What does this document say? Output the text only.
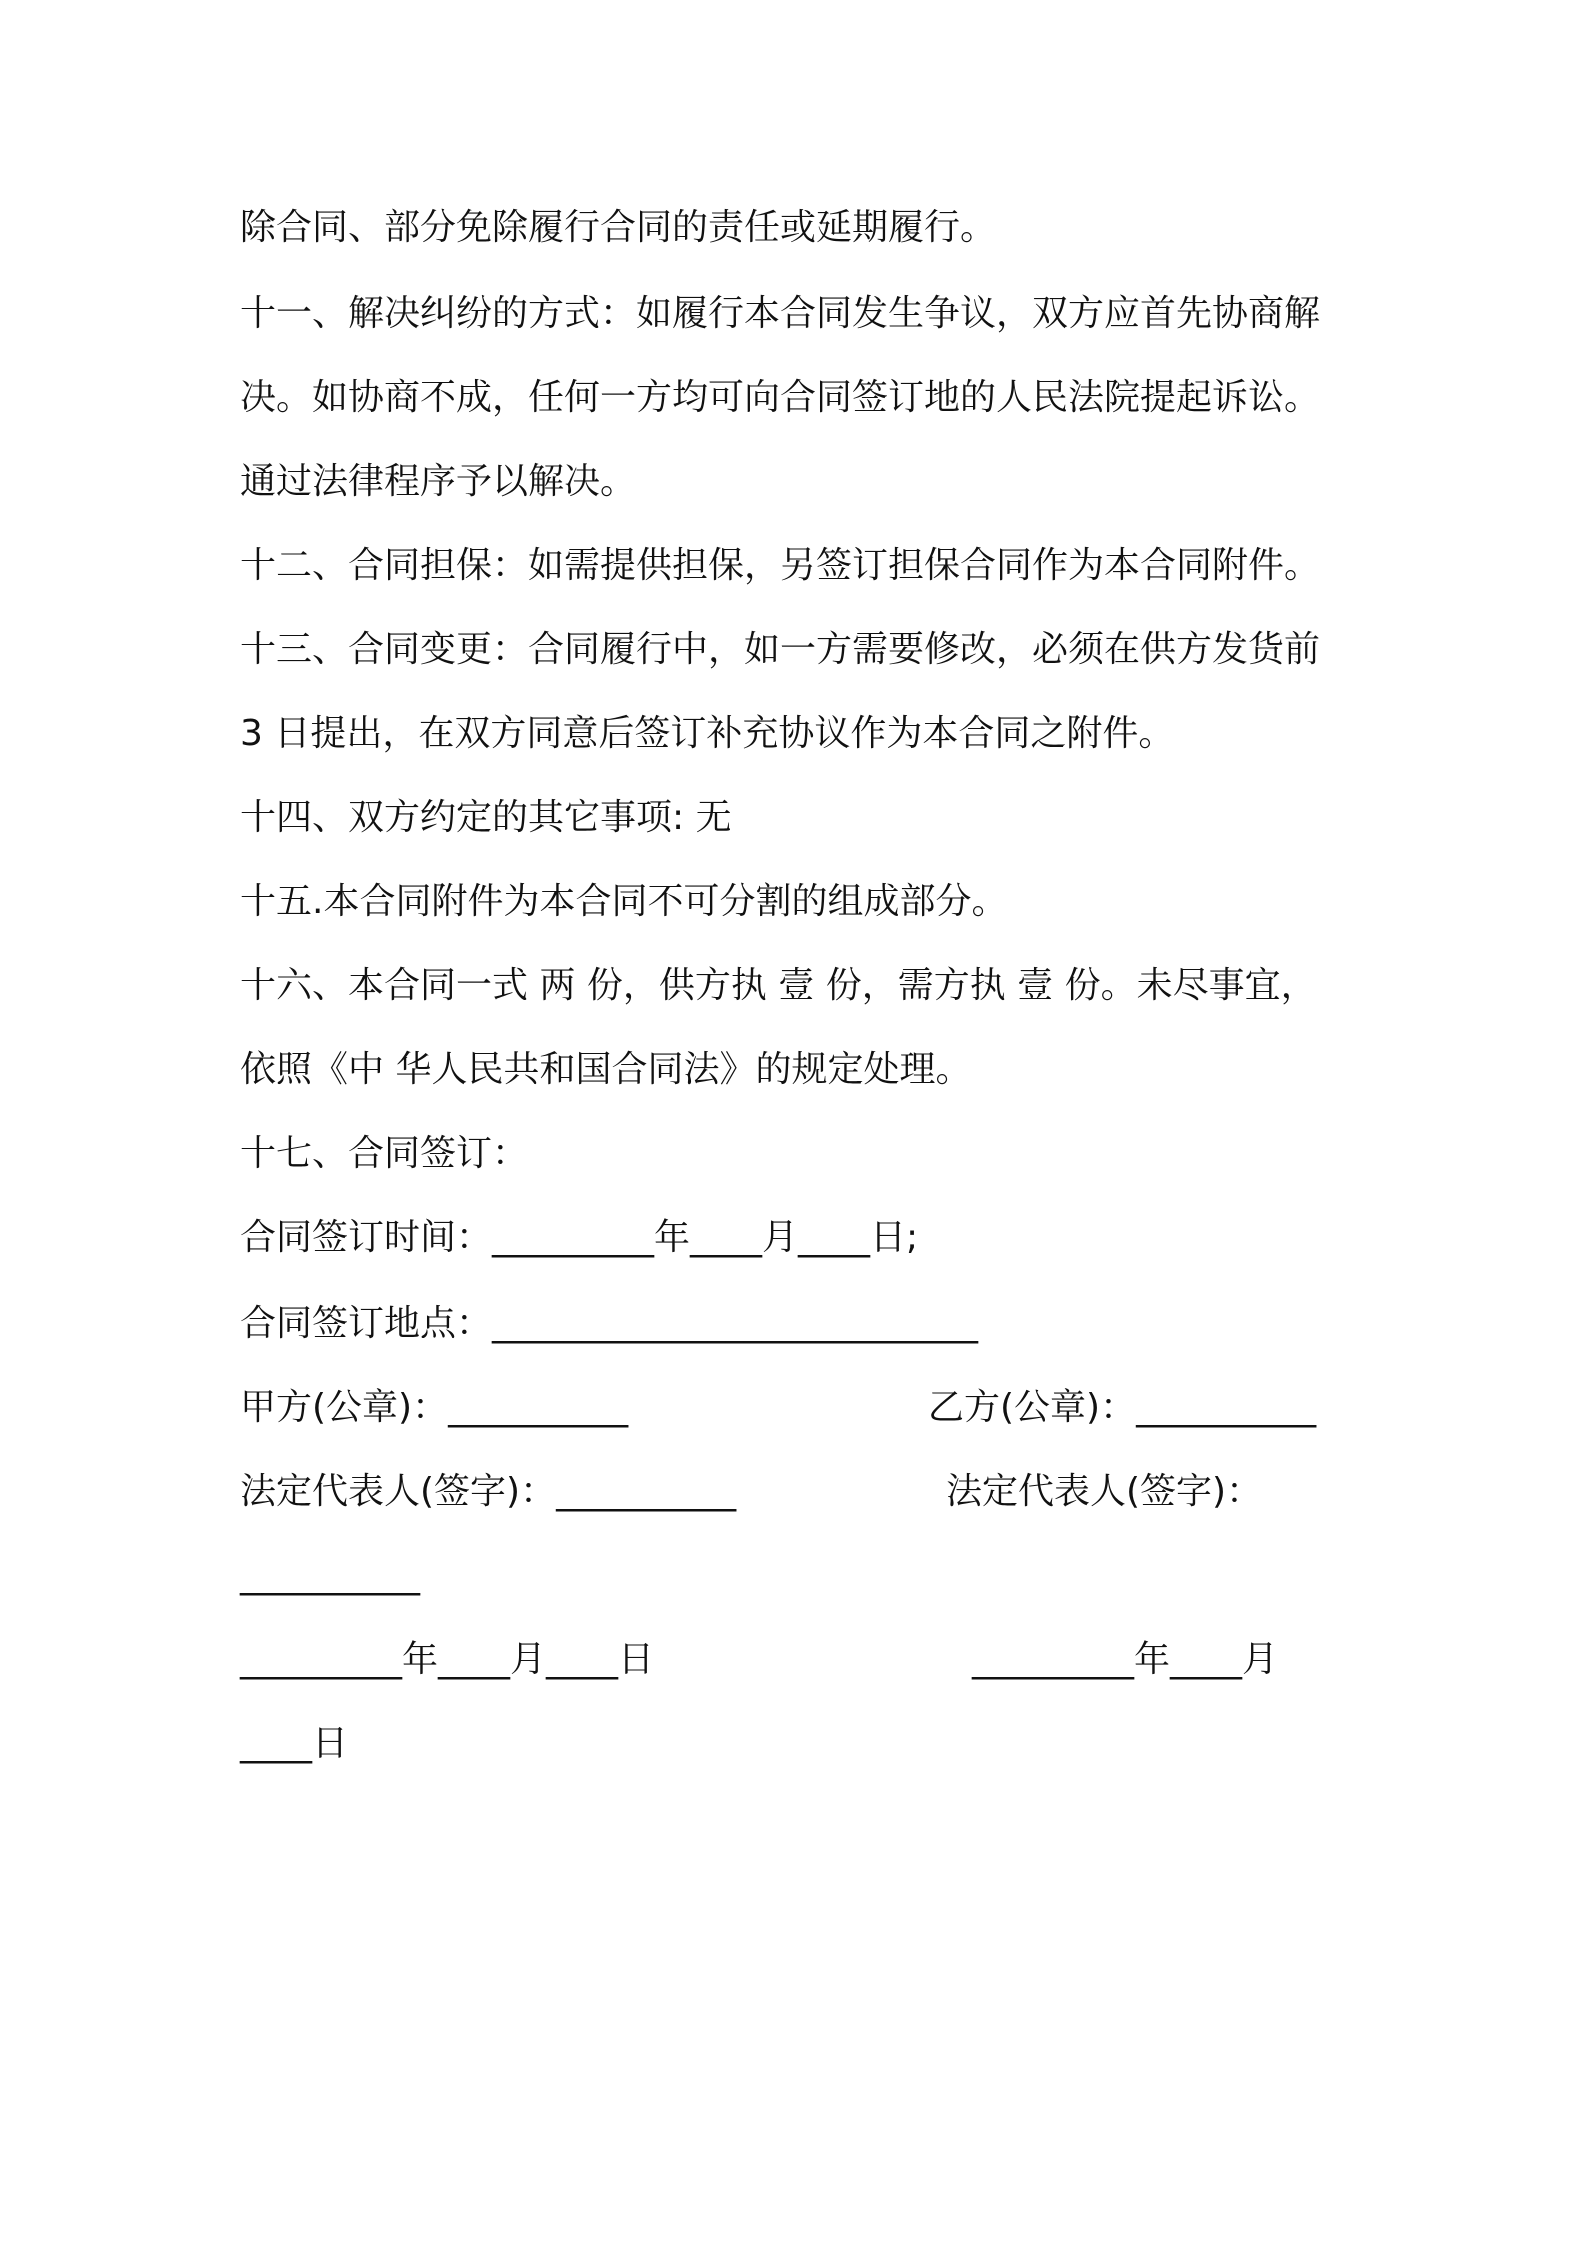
除合同、部分免除履行合同的责任或延期履行。
十一、解决纠纷的方式：如履行本合同发生争议，双方应首先协商解
决。如协商不成，任何一方均可向合同签订地的人民法院提起诉讼。
通过法律程序予以解决。
十二、合同担保：如需提供担保，另签订担保合同作为本合同附件。
十三、合同变更：合同履行中，如一方需要修改，必须在供方发货前
3 日提出，在双方同意后签订补充协议作为本合同之附件。
十四、双方约定的其它事项: 无
十五.本合同附件为本合同不可分割的组成部分。
十六、本合同一式 两 份，供方执 壹 份，需方执 壹 份。未尽事宜，
依照《中 华人民共和国合同法》的规定处理。
十七、合同签订：
合同签订时间：_________年____月____日;
合同签订地点：___________________________
甲方(公章)：__________	乙方(公章)：__________
法定代表人(签字)：__________	法定代表人(签字)：
__________
_________年____月____日	_________年____月
____日
